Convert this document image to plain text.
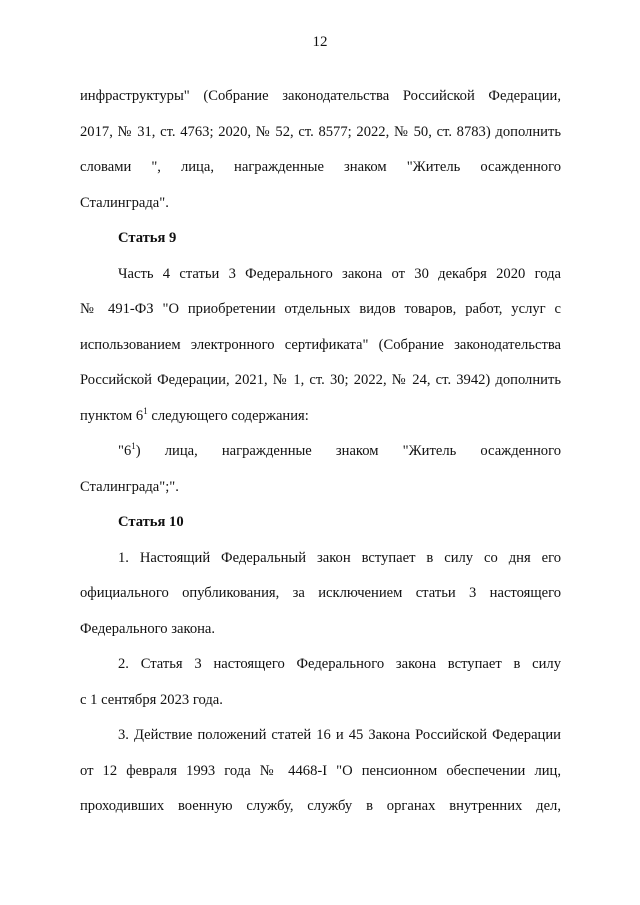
12
инфраструктуры" (Собрание законодательства Российской Федерации,
2017, № 31, ст. 4763; 2020, № 52, ст. 8577; 2022, № 50, ст. 8783) дополнить
словами ", лица, награжденные знаком "Житель осажденного
Сталинграда".
Статья 9
Часть 4 статьи 3 Федерального закона от 30 декабря 2020 года
№ 491-ФЗ "О приобретении отдельных видов товаров, работ, услуг с
использованием электронного сертификата" (Собрание законодательства
Российской Федерации, 2021, № 1, ст. 30; 2022, № 24, ст. 3942) дополнить
пунктом $6^1$ следующего содержания:
"$6^1$) лица, награжденные знаком "Житель осажденного
Сталинграда";".
Статья 10
1. Настоящий Федеральный закон вступает в силу со дня его
официального опубликования, за исключением статьи 3 настоящего
Федерального закона.
2. Статья 3 настоящего Федерального закона вступает в силу
с 1 сентября 2023 года.
3. Действие положений статей 16 и 45 Закона Российской Федерации
от 12 февраля 1993 года № 4468-I "О пенсионном обеспечении лиц,
проходивших военную службу, службу в органах внутренних дел,
